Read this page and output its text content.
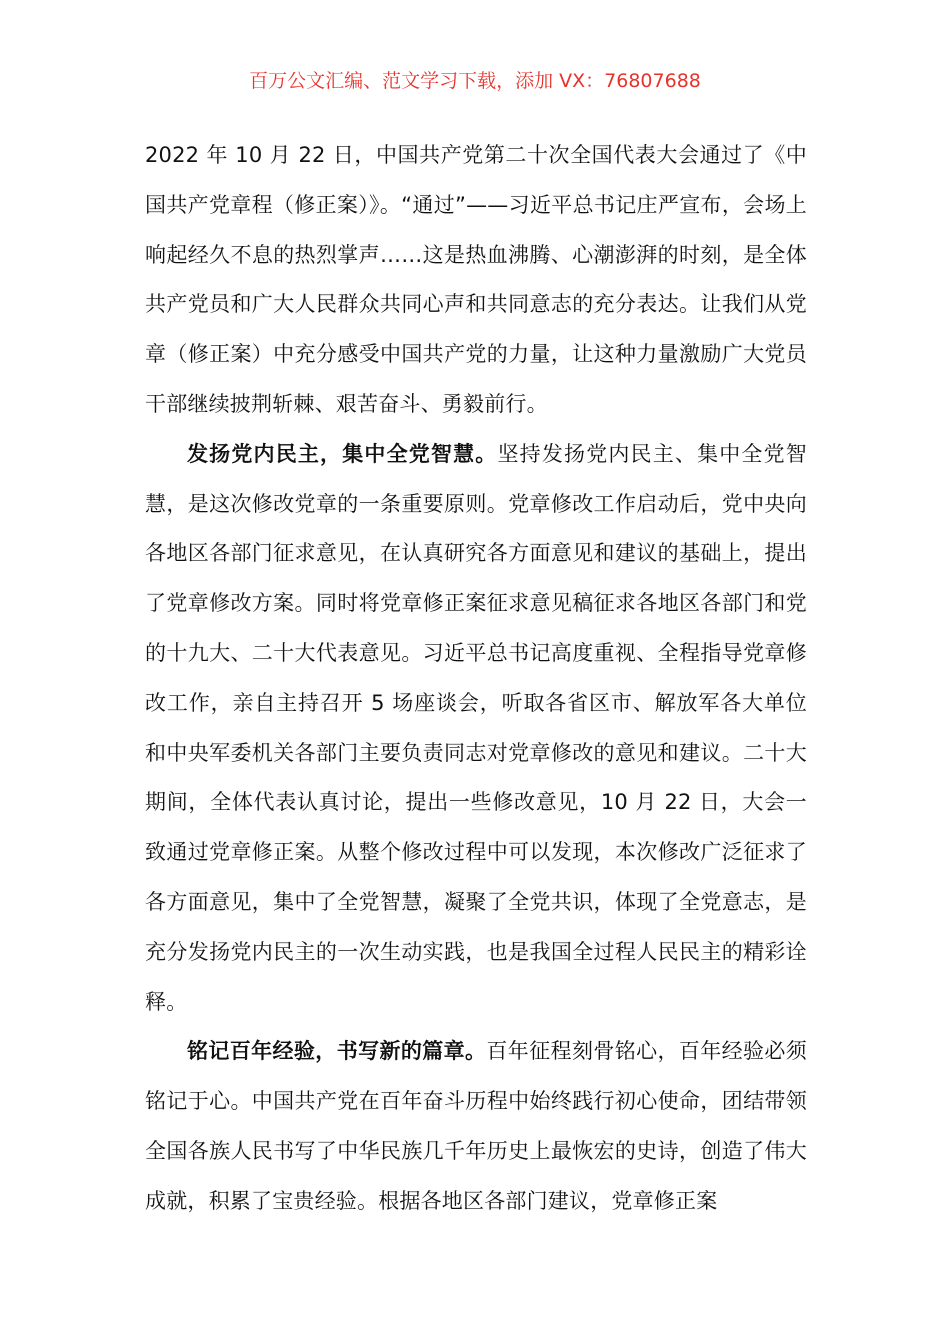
百万公文汇编、范文学习下载，添加 VX：76807688

2022 年 10 月 22 日，中国共产党第二十次全国代表大会通过了《中国共产党章程（修正案）》。“通过”——习近平总书记庄严宣布，会场上响起经久不息的热烈掌声……这是热血沸腾、心潮澎湃的时刻，是全体共产党员和广大人民群众共同心声和共同意志的充分表达。让我们从党章（修正案）中充分感受中国共产党的力量，让这种力量激励广大党员干部继续披荆斩棘、艰苦奋斗、勇毅前行。

发扬党内民主，集中全党智慧。坚持发扬党内民主、集中全党智慧，是这次修改党章的一条重要原则。党章修改工作启动后，党中央向各地区各部门征求意见，在认真研究各方面意见和建议的基础上，提出了党章修改方案。同时将党章修正案征求意见稿征求各地区各部门和党的十九大、二十大代表意见。习近平总书记高度重视、全程指导党章修改工作，亲自主持召开 5 场座谈会，听取各省区市、解放军各大单位和中央军委机关各部门主要负责同志对党章修改的意见和建议。二十大期间，全体代表认真讨论，提出一些修改意见，10 月 22 日，大会一致通过党章修正案。从整个修改过程中可以发现，本次修改广泛征求了各方面意见，集中了全党智慧，凝聚了全党共识，体现了全党意志，是充分发扬党内民主的一次生动实践，也是我国全过程人民民主的精彩诠释。

铭记百年经验，书写新的篇章。百年征程刻骨铭心，百年经验必须铭记于心。中国共产党在百年奋斗历程中始终践行初心使命，团结带领全国各族人民书写了中华民族几千年历史上最恢宏的史诗，创造了伟大成就，积累了宝贵经验。根据各地区各部门建议，党章修正案
